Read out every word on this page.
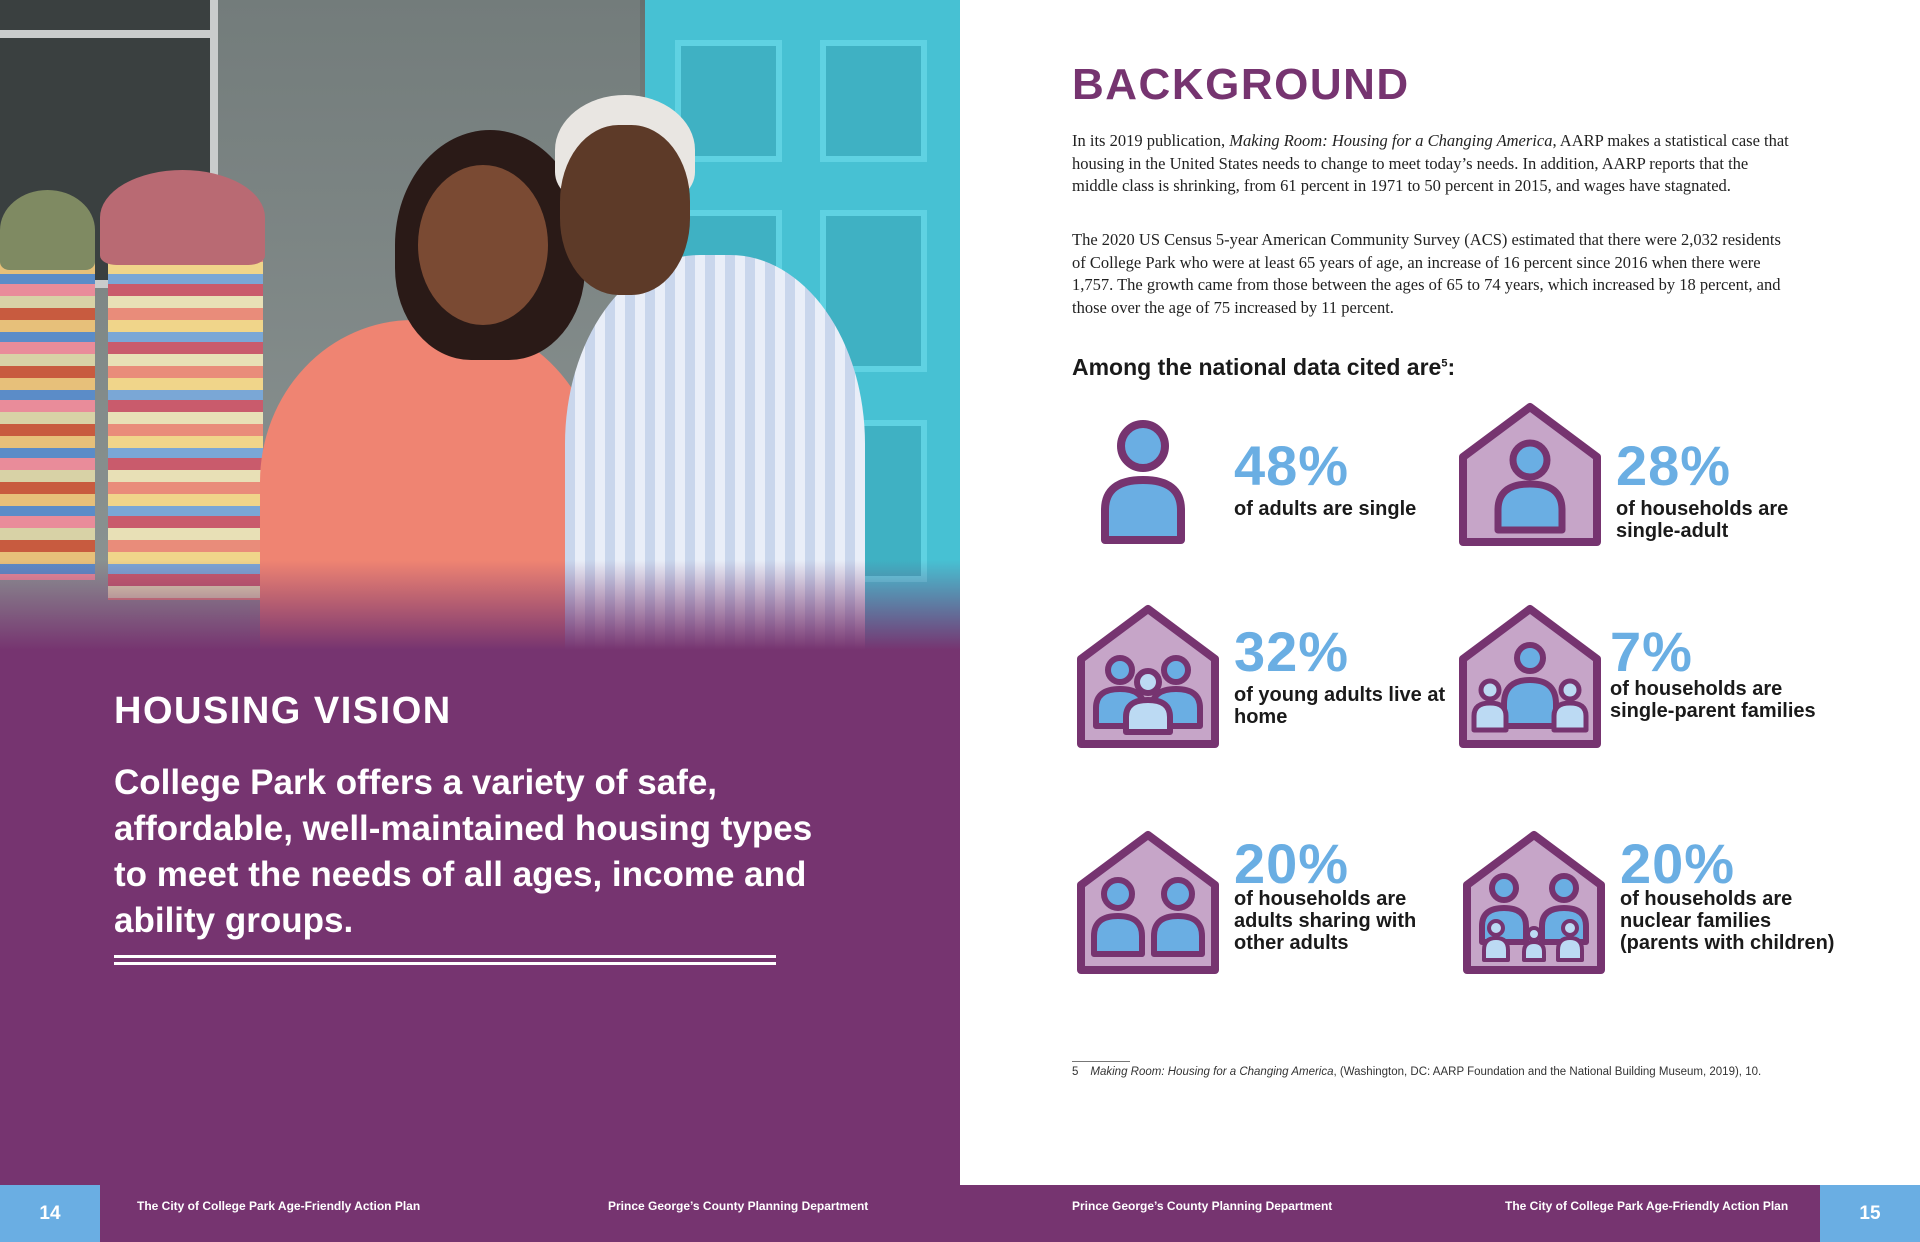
HOUSING VISION

College Park offers a variety of safe, affordable, well-maintained housing types to meet the needs of all ages, income and ability groups.

BACKGROUND

In its 2019 publication, Making Room: Housing for a Changing America, AARP makes a statistical case that housing in the United States needs to change to meet today’s needs. In addition, AARP reports that the middle class is shrinking, from 61 percent in 1971 to 50 percent in 2015, and wages have stagnated.

The 2020 US Census 5-year American Community Survey (ACS) estimated that there were 2,032 residents of College Park who were at least 65 years of age, an increase of 16 percent since 2016 when there were 1,757. The growth came from those between the ages of 65 to 74 years, which increased by 18 percent, and those over the age of 75 increased by 11 percent.

Among the national data cited are$^5$:
48%
of adults are single
28%
of households are single-adult
32%
of young adults live at home
7%
of households are single-parent families
20%
of households are adults sharing with other adults
20%
of households are nuclear families (parents with children)

5 Making Room: Housing for a Changing America, (Washington, DC: AARP Foundation and the National Building Museum, 2019), 10.

14	15

The City of College Park Age-Friendly Action Plan	Prince George’s County Planning Department	Prince George’s County Planning Department	The City of College Park Age-Friendly Action Plan
